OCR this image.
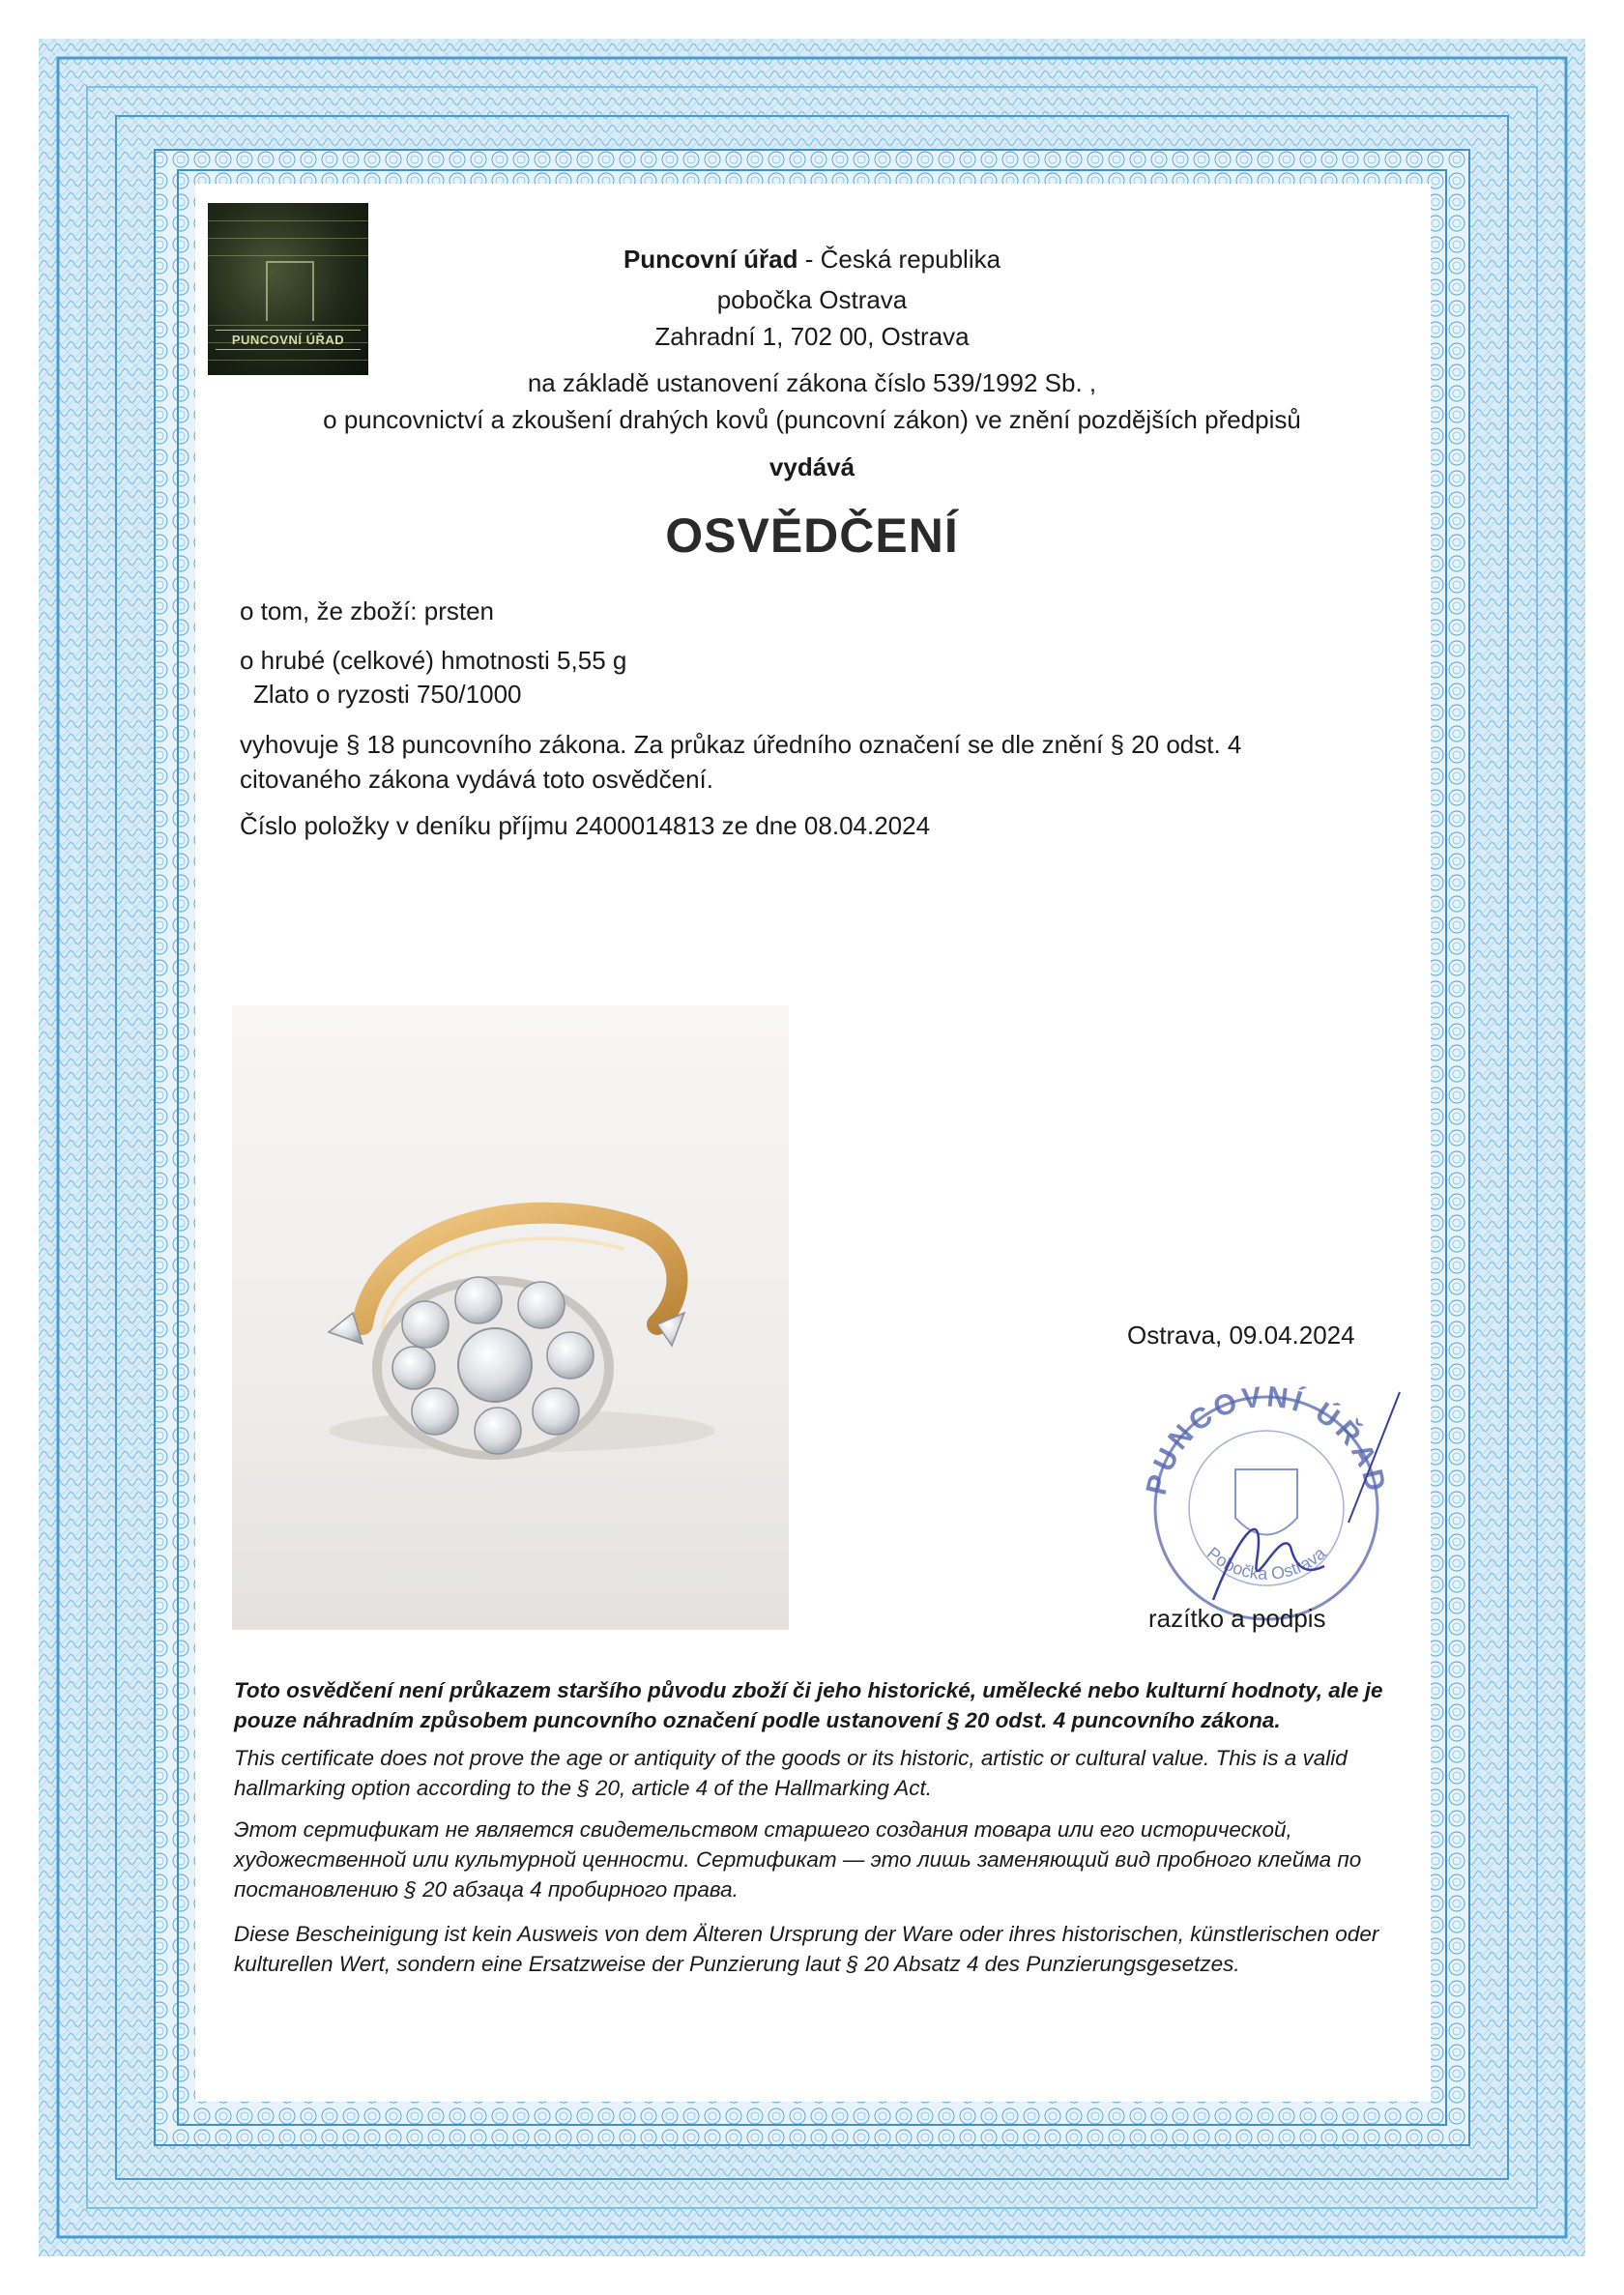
PUNCOVNÍ ÚŘAD
Puncovní úřad - Česká republika
pobočka Ostrava
Zahradní 1, 702 00, Ostrava
na základě ustanovení zákona číslo 539/1992 Sb. ,
o puncovnictví a zkoušení drahých kovů (puncovní zákon) ve znění pozdějších předpisů
vydává
OSVĚDČENÍ
o tom, že zboží: prsten
o hrubé (celkové) hmotnosti 5,55 g
Zlato o ryzosti 750/1000
vyhovuje § 18 puncovního zákona. Za průkaz úředního označení se dle znění § 20 odst. 4
citovaného zákona vydává toto osvědčení.
Číslo položky v deníku příjmu 2400014813 ze dne 08.04.2024
Ostrava, 09.04.2024
PUNCOVNÍ ÚŘAD
Pobočka Ostrava
razítko a podpis
Toto osvědčení není průkazem staršího původu zboží či jeho historické, umělecké nebo kulturní hodnoty, ale je pouze náhradním způsobem puncovního označení podle ustanovení § 20 odst. 4 puncovního zákona.
This certificate does not prove the age or antiquity of the goods or its historic, artistic or cultural value. This is a valid hallmarking option according to the § 20, article 4 of the Hallmarking Act.
Этот сертификат не является свидетельством старшего создания товара или его исторической, художественной или культурной ценности. Сертификат — это лишь заменяющий вид пробного клейма по постановлению § 20 абзаца 4 пробирного права.
Diese Bescheinigung ist kein Ausweis von dem Älteren Ursprung der Ware oder ihres historischen, künstlerischen oder kulturellen Wert, sondern eine Ersatzweise der Punzierung laut § 20 Absatz 4 des Punzierungsgesetzes.
